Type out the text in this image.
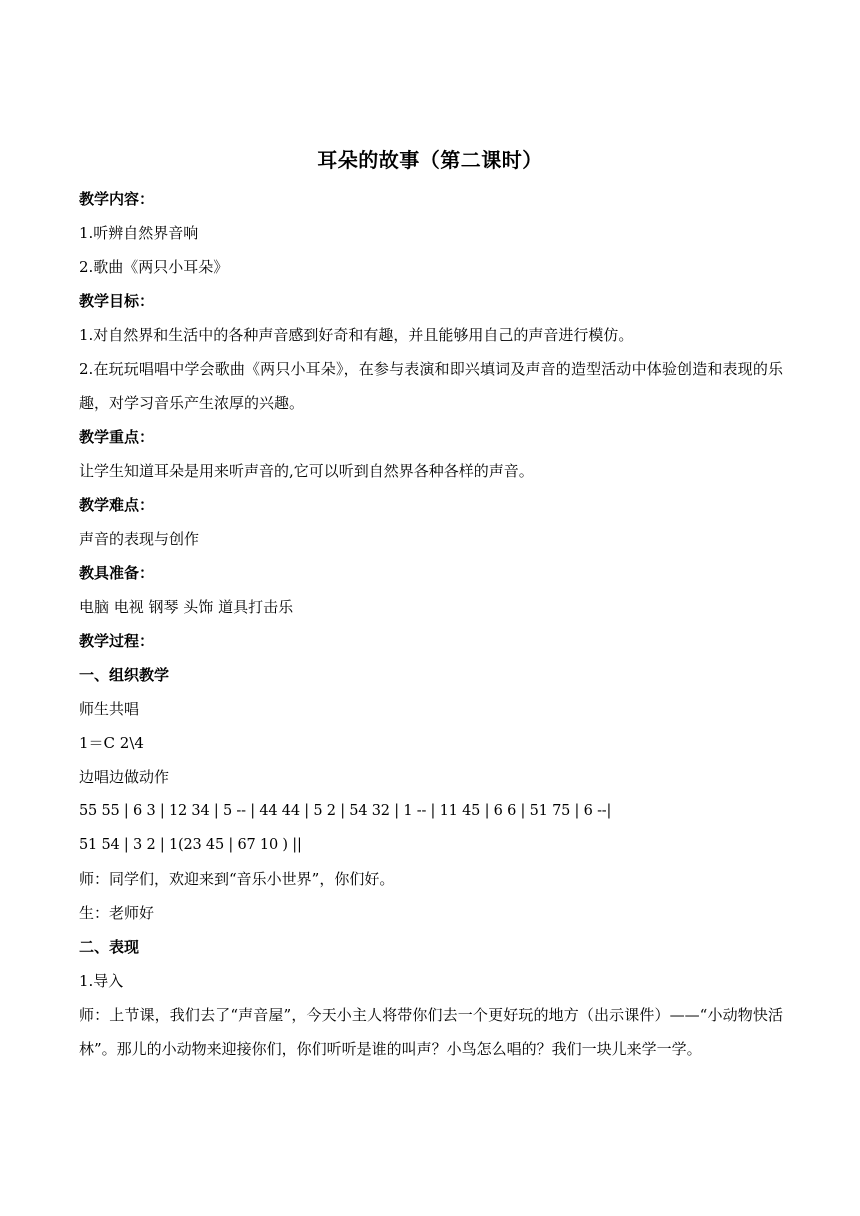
耳朵的故事（第二课时）
教学内容：
1.听辨自然界音响
2.歌曲《两只小耳朵》
教学目标：
1.对自然界和生活中的各种声音感到好奇和有趣，并且能够用自己的声音进行模仿。
2.在玩玩唱唱中学会歌曲《两只小耳朵》，在参与表演和即兴填词及声音的造型活动中体验创造和表现的乐趣，对学习音乐产生浓厚的兴趣。
教学重点：
让学生知道耳朵是用来听声音的,它可以听到自然界各种各样的声音。
教学难点：
声音的表现与创作
教具准备：
电脑 电视 钢琴 头饰 道具打击乐
教学过程：
一、组织教学
师生共唱
1＝C 2\4
边唱边做动作
55 55 | 6 3 | 12 34 | 5 -- | 44 44 | 5 2 | 54 32 | 1 -- | 11 45 | 6 6 | 51 75 | 6 --|
51 54 | 3 2 | 1(23 45 | 67 10 ) ||
师：同学们，欢迎来到“音乐小世界”，你们好。
生：老师好
二、表现
1.导入
师：上节课，我们去了“声音屋”，今天小主人将带你们去一个更好玩的地方（出示课件）——“小动物快活林”。那儿的小动物来迎接你们，你们听听是谁的叫声？小鸟怎么唱的？我们一块儿来学一学。
